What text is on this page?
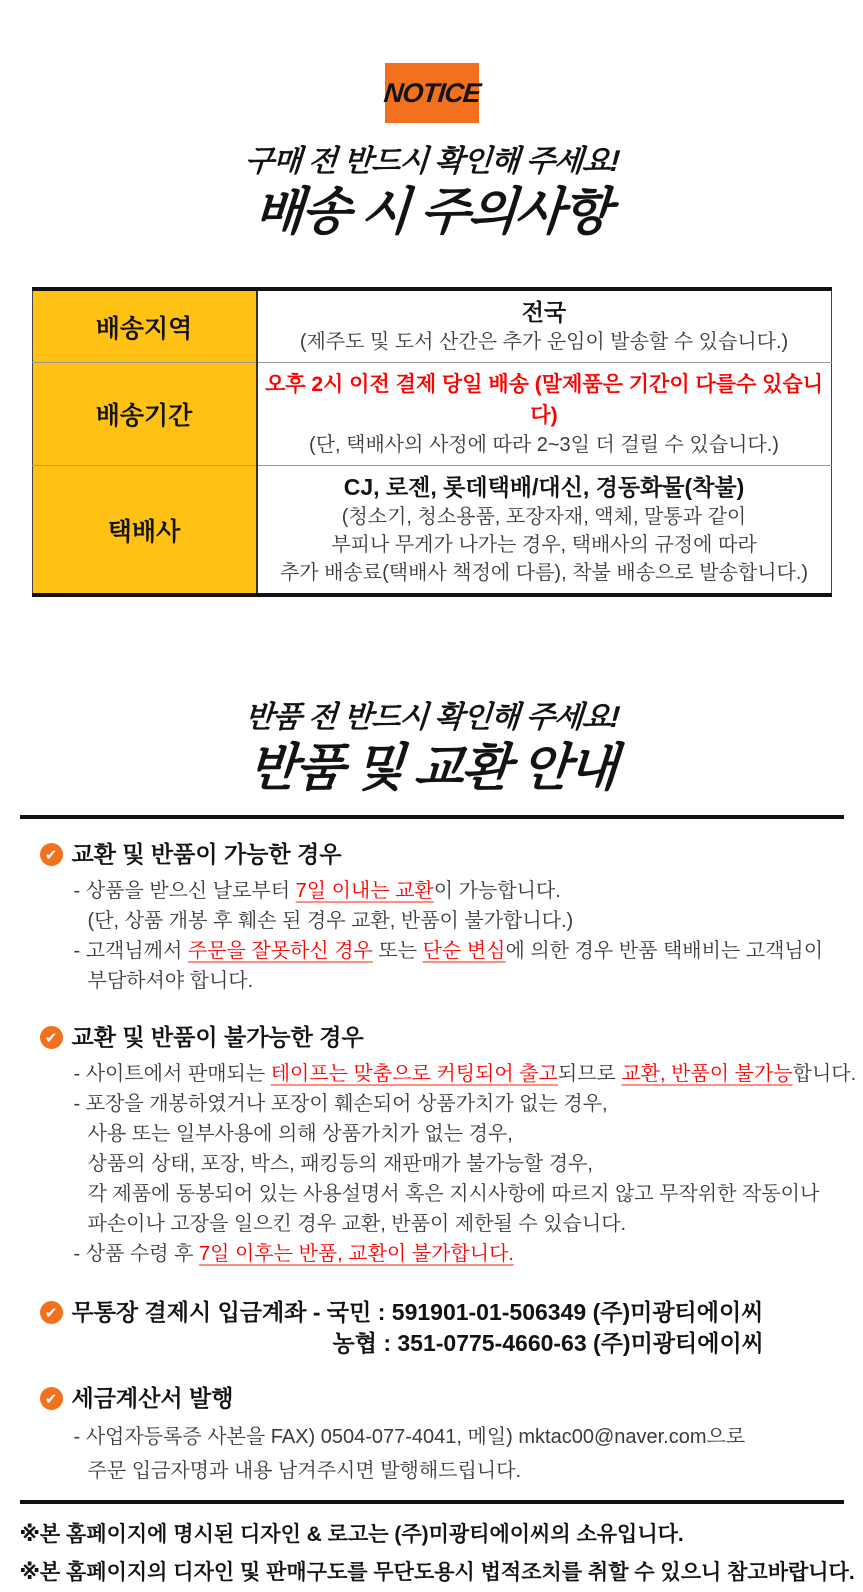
NOTICE
구매 전 반드시 확인해 주세요!
배송 시 주의사항
배송지역	전국
(제주도 및 도서 산간은 추가 운임이 발송할 수 있습니다.)

배송기간	오후 2시 이전 결제 당일 배송 (말제품은 기간이 다를수 있습니다)
(단, 택배사의 사정에 따라 2~3일 더 걸릴 수 있습니다.)

택배사	CJ, 로젠, 롯데택배/대신, 경동화물(착불)
(청소기, 청소용품, 포장자재, 액체, 말통과 같이
부피나 무게가 나가는 경우, 택배사의 규정에 따라
추가 배송료(택배사 책정에 다름), 착불 배송으로 발송합니다.)
반품 전 반드시 확인해 주세요!
반품 및 교환 안내
✔ 교환 및 반품이 가능한 경우
- 상품을 받으신 날로부터 7일 이내는 교환이 가능합니다.
(단, 상품 개봉 후 훼손 된 경우 교환, 반품이 불가합니다.)
- 고객님께서 주문을 잘못하신 경우 또는 단순 변심에 의한 경우 반품 택배비는 고객님이
부담하셔야 합니다.
✔ 교환 및 반품이 불가능한 경우
- 사이트에서 판매되는 테이프는 맞춤으로 커팅되어 출고되므로 교환, 반품이 불가능합니다.
- 포장을 개봉하였거나 포장이 훼손되어 상품가치가 없는 경우,
사용 또는 일부사용에 의해 상품가치가 없는 경우,
상품의 상태, 포장, 박스, 패킹등의 재판매가 불가능할 경우,
각 제품에 동봉되어 있는 사용설명서 혹은 지시사항에 따르지 않고 무작위한 작동이나
파손이나 고장을 일으킨 경우 교환, 반품이 제한될 수 있습니다.
- 상품 수령 후 7일 이후는 반품, 교환이 불가합니다.
✔ 무통장 결제시 입금계좌 - 국민 : 591901-01-506349 (주)미광티에이씨
농협 : 351-0775-4660-63 (주)미광티에이씨
✔ 세금계산서 발행
- 사업자등록증 사본을 FAX) 0504-077-4041, 메일) mktac00@naver.com으로
주문 입금자명과 내용 남겨주시면 발행해드립니다.
※본 홈페이지에 명시된 디자인 & 로고는 (주)미광티에이씨의 소유입니다.
※본 홈페이지의 디자인 및 판매구도를 무단도용시 법적조치를 취할 수 있으니 참고바랍니다.
